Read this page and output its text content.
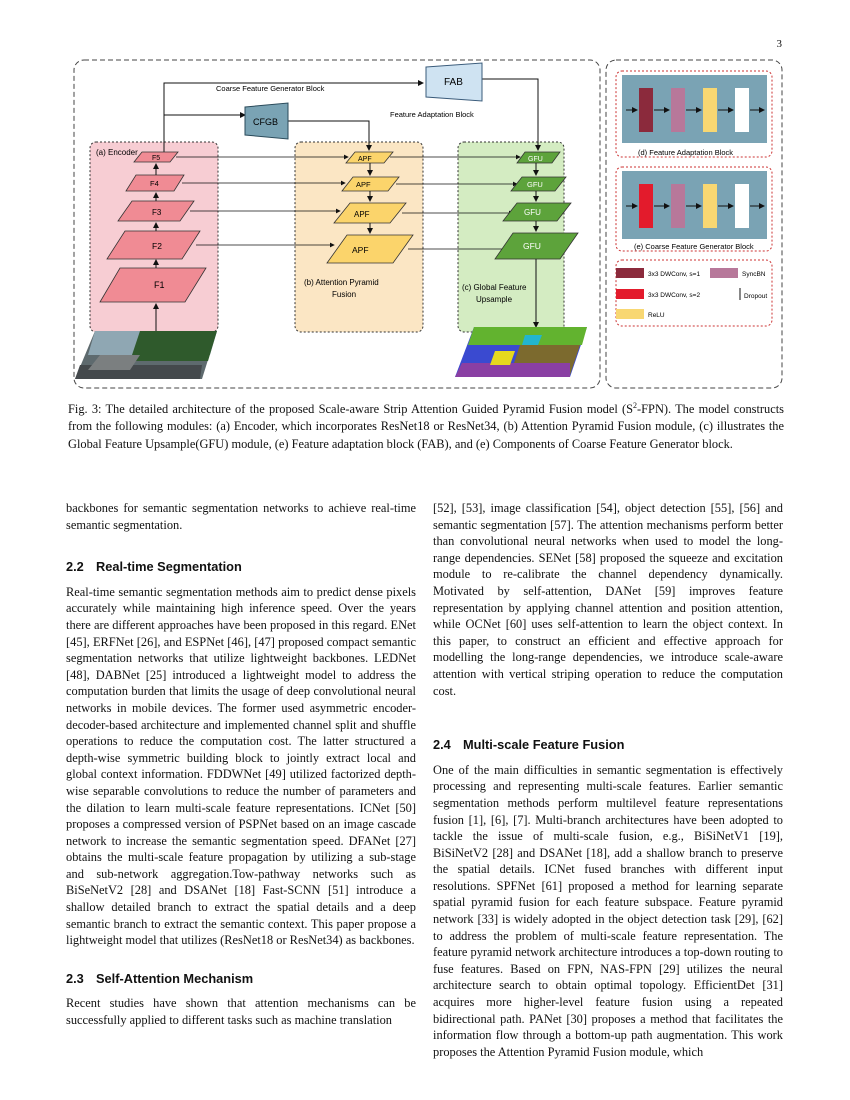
3
FAB
Coarse Feature Generator Block
Feature Adaptation Block
CFGB
(a) Encoder
F5
F4
F3
F2
F1
APF
APF
APF
APF
(b) Attention Pyramid
Fusion
GFU
GFU
GFU
GFU
(c) Global Feature
Upsample
(d) Feature Adaptation Block
(e) Coarse Feature Generator Block
3x3 DWConv, s=1	SyncBN
3x3 DWConv, s=2	Dropout
ReLU
Fig. 3: The detailed architecture of the proposed Scale-aware Strip Attention Guided Pyramid Fusion model $(S^2-FPN)$. The model constructs from the following modules: (a) Encoder, which incorporates ResNet18 or ResNet34, (b) Attention Pyramid Fusion module, (c) illustrates the Global Feature Upsample(GFU) module, (e) Feature adaptation block (FAB), and (e) Components of Coarse Feature Generator block.

backbones for semantic segmentation networks to achieve real-time semantic segmentation.

2.2 Real-time Segmentation

Real-time semantic segmentation methods aim to predict dense pixels accurately while maintaining high inference speed. Over the years there are different approaches have been proposed in this regard. ENet [45], ERFNet [26], and ESPNet [46], [47] proposed compact semantic segmentation networks that utilize lightweight backbones. LEDNet [48], DABNet [25] introduced a lightweight model to address the computation burden that limits the usage of deep convolutional neural networks in mobile devices. The former used asymmetric encoder-decoder-based architecture and implemented channel split and shuffle operations to reduce the computation cost. The latter structured a depth-wise symmetric building block to jointly extract local and global context information. FDDWNet [49] utilized factorized depth-wise separable convolutions to reduce the number of parameters and the dilation to learn multi-scale feature representations. ICNet [50] proposes a compressed version of PSPNet based on an image cascade network to increase the semantic segmentation speed. DFANet [27] obtains the multi-scale feature propagation by utilizing a sub-stage and sub-network aggregation.Tow-pathway networks such as BiSeNetV2 [28] and DSANet [18] Fast-SCNN [51] introduce a shallow detailed branch to extract the spatial details and a deep semantic branch to extract the semantic context. This paper propose a lightweight model that utilizes (ResNet18 or ResNet34) as backbones.

2.3 Self-Attention Mechanism

Recent studies have shown that attention mechanisms can be successfully applied to different tasks such as machine translation

[52], [53], image classification [54], object detection [55], [56] and semantic segmentation [57]. The attention mechanisms perform better than convolutional neural networks when used to model the long-range dependencies. SENet [58] proposed the squeeze and excitation module to re-calibrate the channel dependency dynamically. Motivated by self-attention, DANet [59] improves feature representation by applying channel attention and position attention, while OCNet [60] uses self-attention to learn the object context. In this paper, to construct an efficient and effective approach for modelling the long-range dependencies, we introduce scale-aware attention with vertical striping operation to reduce the computation cost.

2.4 Multi-scale Feature Fusion

One of the main difficulties in semantic segmentation is effectively processing and representing multi-scale features. Earlier semantic segmentation methods perform multilevel feature representations fusion [1], [6], [7]. Multi-branch architectures have been adopted to tackle the issue of multi-scale fusion, e.g., BiSiNetV1 [19], BiSiNetV2 [28] and DSANet [18], add a shallow branch to preserve the spatial details. ICNet fused branches with different input resolutions. SPFNet [61] proposed a method for learning separate spatial pyramid fusion for each feature subspace. Feature pyramid network [33] is widely adopted in the object detection task [29], [62] to address the problem of multi-scale feature representation. The feature pyramid network architecture introduces a top-down routing to fuse features. Based on FPN, NAS-FPN [29] utilizes the neural architecture search to obtain optimal topology. EfficientDet [31] acquires more higher-level feature fusion using a repeated bidirectional path. PANet [30] proposes a method that facilitates the information flow through a bottom-up path augmentation. This work proposes the Attention Pyramid Fusion module, which
